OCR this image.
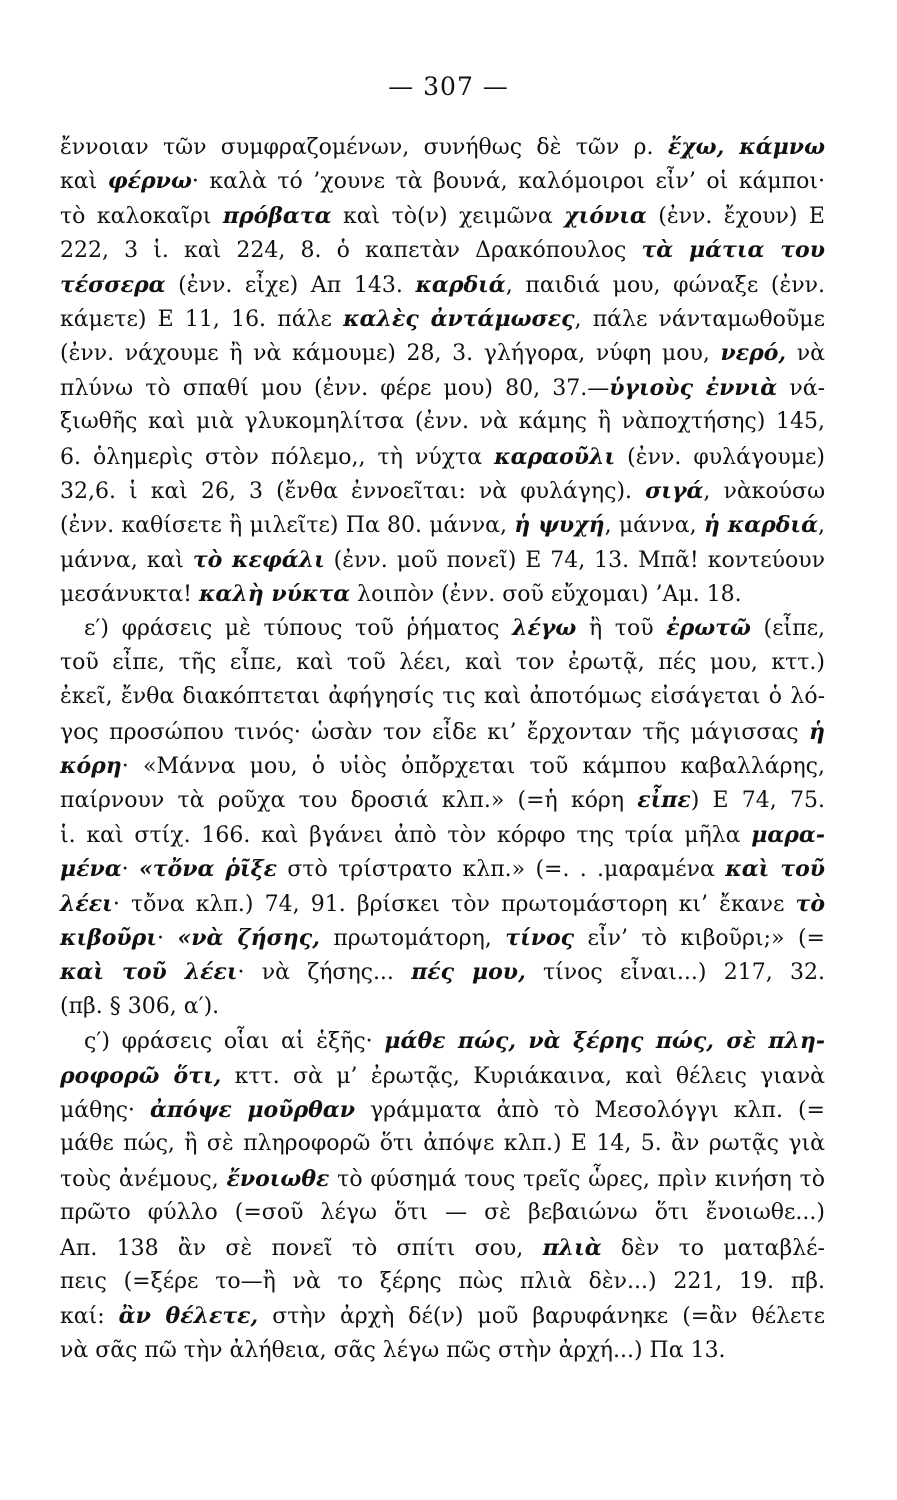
— 307 —
ἔννοιαν τῶν συμφραζομένων, συνήθως δὲ τῶν ρ. ἔχω, κάμνω
καὶ φέρνω· καλὰ τό ’χουνε τὰ βουνά, καλόμοιροι εἶν’ οἱ κάμποι·
τὸ καλοκαῖρι πρόβατα καὶ τὸ(ν) χειμῶνα χιόνια (ἐνν. ἔχουν) Ε
222, 3 ἱ. καὶ 224, 8. ὁ καπετὰν Δρακόπουλος τὰ μάτια του
τέσσερα (ἐνν. εἶχε) Απ 143. καρδιά, παιδιά μου, φώναξε (ἐνν.
κάμετε) Ε 11, 16. πάλε καλὲς ἀντάμωσες, πάλε νάνταμωθοῦμε
(ἐνν. νάχουμε ἢ νὰ κάμουμε) 28, 3. γλήγορα, νύφη μου, νερό, νὰ
πλύνω τὸ σπαθί μου (ἐνν. φέρε μου) 80, 37.—ὑγιοὺς ἐννιὰ νά-
ξιωθῆς καὶ μιὰ γλυκομηλίτσα (ἐνν. νὰ κάμης ἢ νὰποχτήσης) 145,
6. ὁλημερὶς στὸν πόλεμο,, τὴ νύχτα καραοῦλι (ἐνν. φυλάγουμε)
32,6. ἱ καὶ 26, 3 (ἔνθα ἐννοεῖται: νὰ φυλάγης). σιγά, νὰκούσω
(ἐνν. καθίσετε ἢ μιλεῖτε) Πα 80. μάννα, ἡ ψυχή, μάννα, ἡ καρδιά,
μάννα, καὶ τὸ κεφάλι (ἐνν. μοῦ πονεῖ) Ε 74, 13. Μπᾶ! κοντεύουν
μεσάνυκτα! καλὴ νύκτα λοιπὸν (ἐνν. σοῦ εὔχομαι) ’Αμ. 18.
ε′) φράσεις μὲ τύπους τοῦ ῥήματος λέγω ἢ τοῦ ἐρωτῶ (εἶπε,
τοῦ εἶπε, τῆς εἶπε, καὶ τοῦ λέει, καὶ τον ἐρωτᾷ, πές μου, κττ.)
ἐκεῖ, ἔνθα διακόπτεται ἀφήγησίς τις καὶ ἀποτόμως εἰσάγεται ὁ λό-
γος προσώπου τινός· ὡσὰν τον εἶδε κι’ ἔρχονταν τῆς μάγισσας ἡ
κόρη· «Μάννα μου, ὁ υἱὸς ὀπὄρχεται τοῦ κάμπου καβαλλάρης,
παίρνουν τὰ ροῦχα του δροσιά κλπ.» (=ἡ κόρη εἶπε) Ε 74, 75.
ἱ. καὶ στίχ. 166. καὶ βγάνει ἀπὸ τὸν κόρφο της τρία μῆλα μαρα-
μένα· «τὄνα ῥῖξε στὸ τρίστρατο κλπ.» (=. . .μαραμένα καὶ τοῦ
λέει· τὄνα κλπ.) 74, 91. βρίσκει τὸν πρωτομάστορη κι’ ἔκανε τὸ
κιβοῦρι· «νὰ ζήσης, πρωτομάτορη, τίνος εἶν’ τὸ κιβοῦρι;» (=
καὶ τοῦ λέει· νὰ ζήσης... πές μου, τίνος εἶναι...) 217, 32.
(πβ. § 306, α′).
ς′) φράσεις οἷαι αἱ ἑξῆς· μάθε πώς, νὰ ξέρης πώς, σὲ πλη-
ροφορῶ ὅτι, κττ. σὰ μ’ ἐρωτᾷς, Κυριάκαινα, καὶ θέλεις γιανὰ
μάθης· ἀπόψε μοῦρθαν γράμματα ἀπὸ τὸ Μεσολόγγι κλπ. (=
μάθε πώς, ἢ σὲ πληροφορῶ ὅτι ἀπόψε κλπ.) Ε 14, 5. ἂν ρωτᾷς γιὰ
τοὺς ἀνέμους, ἔνοιωθε τὸ φύσημά τους τρεῖς ὧρες, πρὶν κινήση τὸ
πρῶτο φύλλο (=σοῦ λέγω ὅτι — σὲ βεβαιώνω ὅτι ἔνοιωθε...)
Απ. 138 ἂν σὲ πονεῖ τὸ σπίτι σου, πλιὰ δὲν το ματαβλέ-
πεις (=ξέρε το—ἢ νὰ το ξέρης πὼς πλιὰ δὲν...) 221, 19. πβ.
καί: ἂν θέλετε, στὴν ἀρχὴ δέ(ν) μοῦ βαρυφάνηκε (=ἂν θέλετε
νὰ σᾶς πῶ τὴν ἀλήθεια, σᾶς λέγω πῶς στὴν ἀρχή...) Πα 13.
